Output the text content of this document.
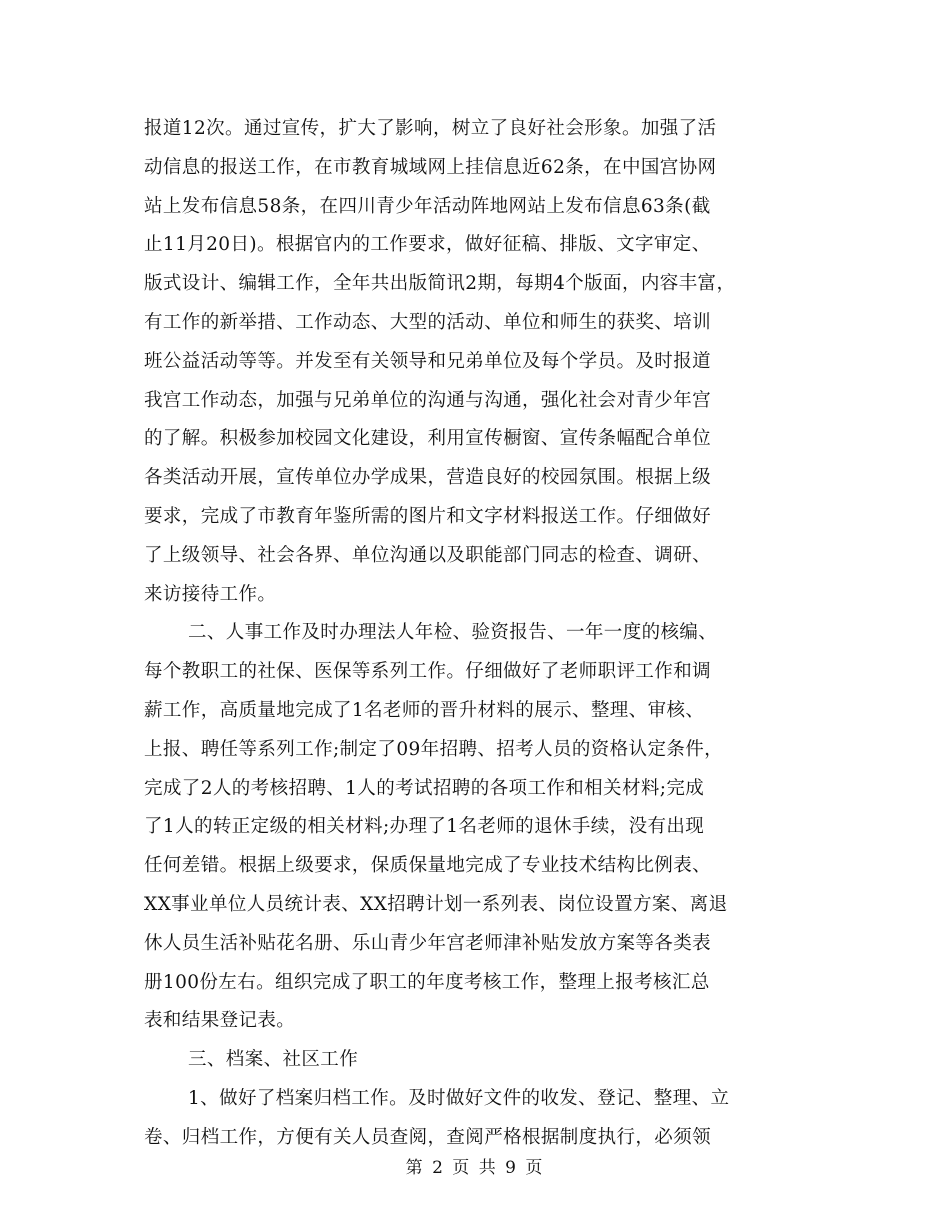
报道12次。通过宣传，扩大了影响，树立了良好社会形象。加强了活
动信息的报送工作，在市教育城域网上挂信息近62条，在中国宫协网
站上发布信息58条，在四川青少年活动阵地网站上发布信息63条(截
止11月20日)。根据官内的工作要求，做好征稿、排版、文字审定、
版式设计、编辑工作，全年共出版简讯2期，每期4个版面，内容丰富，
有工作的新举措、工作动态、大型的活动、单位和师生的获奖、培训
班公益活动等等。并发至有关领导和兄弟单位及每个学员。及时报道
我宫工作动态，加强与兄弟单位的沟通与沟通，强化社会对青少年宫
的了解。积极参加校园文化建设，利用宣传橱窗、宣传条幅配合单位
各类活动开展，宣传单位办学成果，营造良好的校园氛围。根据上级
要求，完成了市教育年鉴所需的图片和文字材料报送工作。仔细做好
了上级领导、社会各界、单位沟通以及职能部门同志的检查、调研、
来访接待工作。
二、人事工作及时办理法人年检、验资报告、一年一度的核编、
每个教职工的社保、医保等系列工作。仔细做好了老师职评工作和调
薪工作，高质量地完成了1名老师的晋升材料的展示、整理、审核、
上报、聘任等系列工作;制定了09年招聘、招考人员的资格认定条件，
完成了2人的考核招聘、1人的考试招聘的各项工作和相关材料;完成
了1人的转正定级的相关材料;办理了1名老师的退休手续，没有出现
任何差错。根据上级要求，保质保量地完成了专业技术结构比例表、
XX事业单位人员统计表、XX招聘计划一系列表、岗位设置方案、离退
休人员生活补贴花名册、乐山青少年宫老师津补贴发放方案等各类表
册100份左右。组织完成了职工的年度考核工作，整理上报考核汇总
表和结果登记表。
三、档案、社区工作
1、做好了档案归档工作。及时做好文件的收发、登记、整理、立
卷、归档工作，方便有关人员查阅，查阅严格根据制度执行，必须领
第 2 页 共 9 页
